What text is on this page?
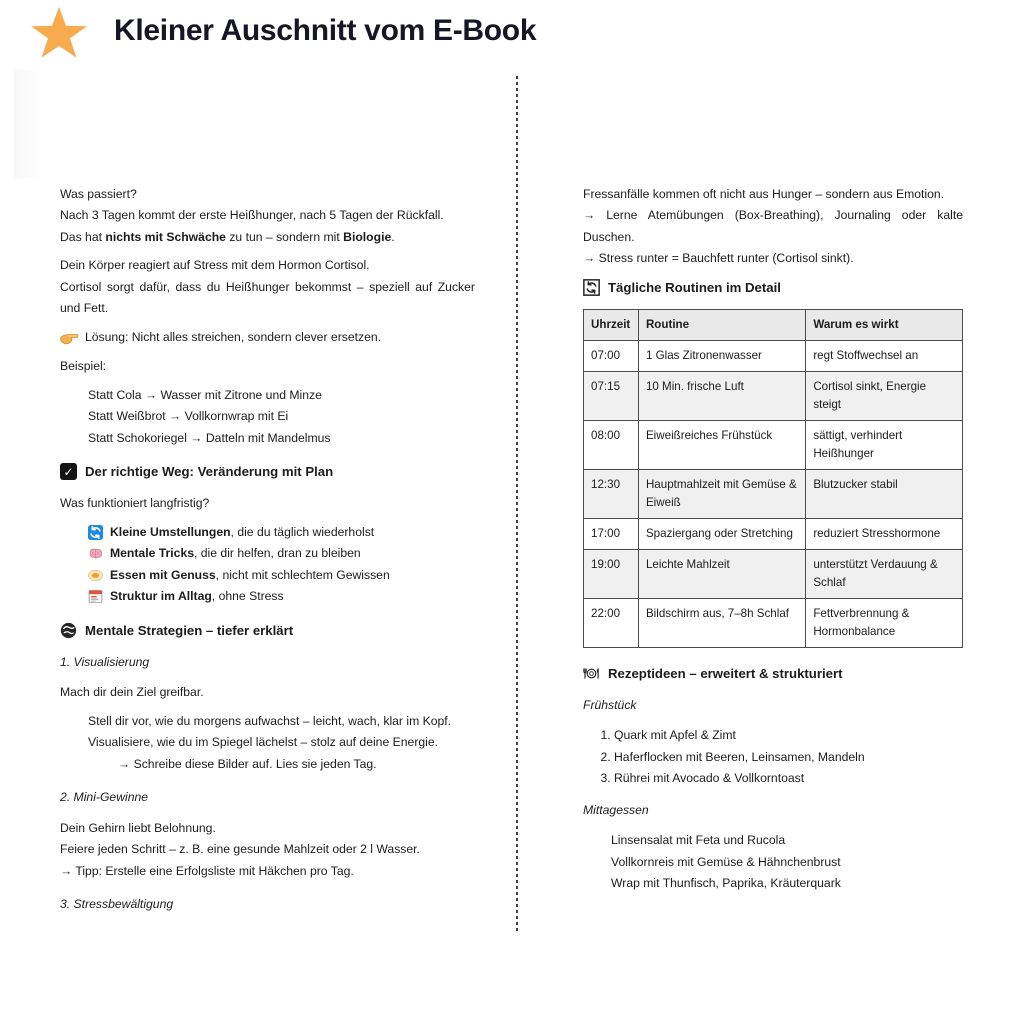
Kleiner Auschnitt vom E-Book

Was passiert?
Nach 3 Tagen kommt der erste Heißhunger, nach 5 Tagen der Rückfall.
Das hat nichts mit Schwäche zu tun – sondern mit Biologie.

Dein Körper reagiert auf Stress mit dem Hormon Cortisol.
Cortisol sorgt dafür, dass du Heißhunger bekommst – speziell auf Zucker und Fett.

Lösung: Nicht alles streichen, sondern clever ersetzen.

Beispiel:

Statt Cola → Wasser mit Zitrone und Minze
Statt Weißbrot → Vollkornwrap mit Ei
Statt Schokoriegel → Datteln mit Mandelmus
✓ Der richtige Weg: Veränderung mit Plan

Was funktioniert langfristig?

Kleine Umstellungen, die du täglich wiederholst
Mentale Tricks, die dir helfen, dran zu bleiben
Essen mit Genuss, nicht mit schlechtem Gewissen
Struktur im Alltag, ohne Stress
Mentale Strategien – tiefer erklärt

1. Visualisierung

Mach dir dein Ziel greifbar.

Stell dir vor, wie du morgens aufwachst – leicht, wach, klar im Kopf.
Visualisiere, wie du im Spiegel lächelst – stolz auf deine Energie.
→ Schreibe diese Bilder auf. Lies sie jeden Tag.

2. Mini-Gewinne

Dein Gehirn liebt Belohnung.
Feiere jeden Schritt – z. B. eine gesunde Mahlzeit oder 2 l Wasser.
→ Tipp: Erstelle eine Erfolgsliste mit Häkchen pro Tag.

3. Stressbewältigung

Fressanfälle kommen oft nicht aus Hunger – sondern aus Emotion.
→ Lerne Atemübungen (Box-Breathing), Journaling oder kalte Duschen.
→ Stress runter = Bauchfett runter (Cortisol sinkt).

Tägliche Routinen im Detail
Uhrzeit	Routine	Warum es wirkt
07:00	1 Glas Zitronenwasser	regt Stoffwechsel an
07:15	10 Min. frische Luft	Cortisol sinkt, Energie steigt
08:00	Eiweißreiches Frühstück	sättigt, verhindert Heißhunger
12:30	Hauptmahlzeit mit Gemüse & Eiweiß	Blutzucker stabil
17:00	Spaziergang oder Stretching	reduziert Stresshormone
19:00	Leichte Mahlzeit	unterstützt Verdauung & Schlaf
22:00	Bildschirm aus, 7–8h Schlaf	Fettverbrennung & Hormonbalance
Rezeptideen – erweitert & strukturiert

Frühstück

1. Quark mit Apfel & Zimt
2. Haferflocken mit Beeren, Leinsamen, Mandeln
3. Rührei mit Avocado & Vollkorntoast

Mittagessen

Linsensalat mit Feta und Rucola
Vollkornreis mit Gemüse & Hähnchenbrust
Wrap mit Thunfisch, Paprika, Kräuterquark
